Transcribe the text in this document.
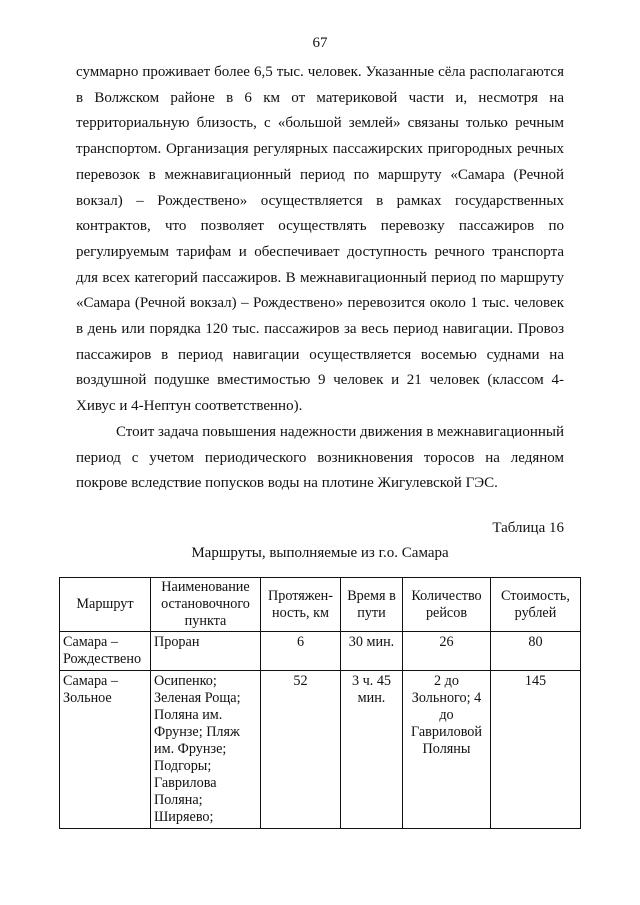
67

суммарно проживает более 6,5 тыс. человек. Указанные сёла располагаются в Волжском районе в 6 км от материковой части и, несмотря на территориальную близость, с «большой землей» связаны только речным транспортом. Организация регулярных пассажирских пригородных речных перевозок в межнавигационный период по маршруту «Самара (Речной вокзал) – Рождествено» осуществляется в рамках государственных контрактов, что позволяет осуществлять перевозку пассажиров по регулируемым тарифам и обеспечивает доступность речного транспорта для всех категорий пассажиров. В межнавигационный период по маршруту «Самара (Речной вокзал) – Рождествено» перевозится около 1 тыс. человек в день или порядка 120 тыс. пассажиров за весь период навигации. Провоз пассажиров в период навигации осуществляется восемью суднами на воздушной подушке вместимостью 9 человек и 21 человек (классом 4-Хивус и 4-Нептун соответственно).

Стоит задача повышения надежности движения в межнавигационный период с учетом периодического возникновения торосов на ледяном покрове вследствие попусков воды на плотине Жигулевской ГЭС.

Таблица 16
Маршруты, выполняемые из г.о. Самара
Маршрут	Наименование остановочного пункта	Протяжен-ность, км	Время в пути	Количество рейсов	Стоимость, рублей
Самара – Рождествено	Проран	6	30 мин.	26	80
Самара – Зольное	Осипенко; Зеленая Роща; Поляна им. Фрунзе; Пляж им. Фрунзе; Подгоры; Гаврилова Поляна; Ширяево;	52	3 ч. 45 мин.	2 до Зольного; 4 до Гавриловой Поляны	145
